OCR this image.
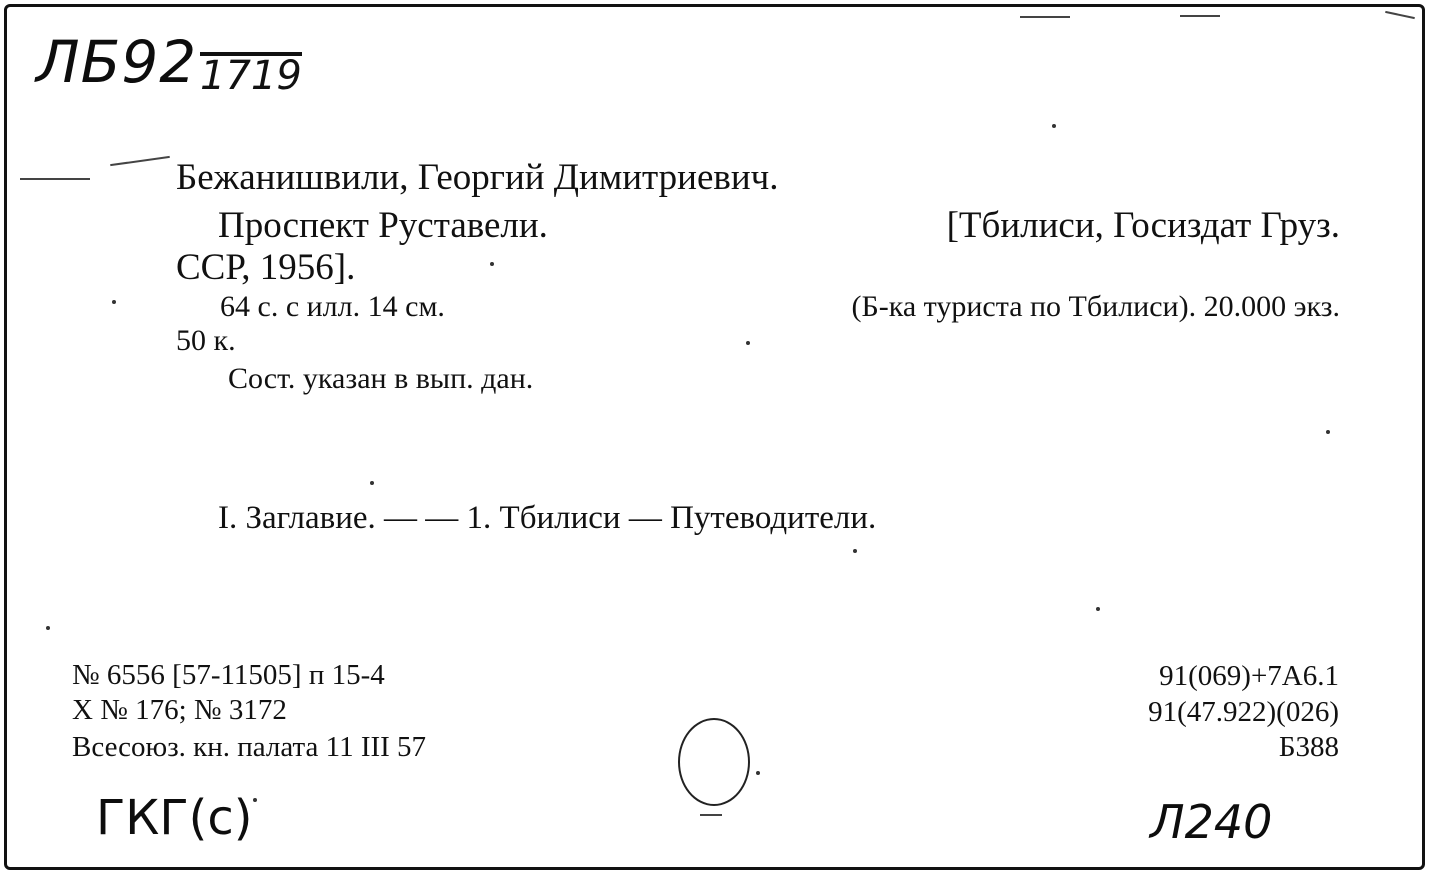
ЛБ92 1719
Бежанишвили, Георгий Димитриевич.
Проспект Руставели.	[Тбилиси, Госиздат Груз.
ССР, 1956].
64 с. с илл. 14 см.	(Б-ка туриста по Тбилиси). 20.000 экз.
50 к.
Сост. указан в вып. дан.
I. Заглавие. — — 1. Тбилиси — Путеводители.
№ 6556 [57-11505] п 15-4
Х № 176; № 3172
Всесоюз. кн. палата 11 III 57
91(069)+7А6.1
91(47.922)(026)
Б388
ГКГ(с)	Л240
